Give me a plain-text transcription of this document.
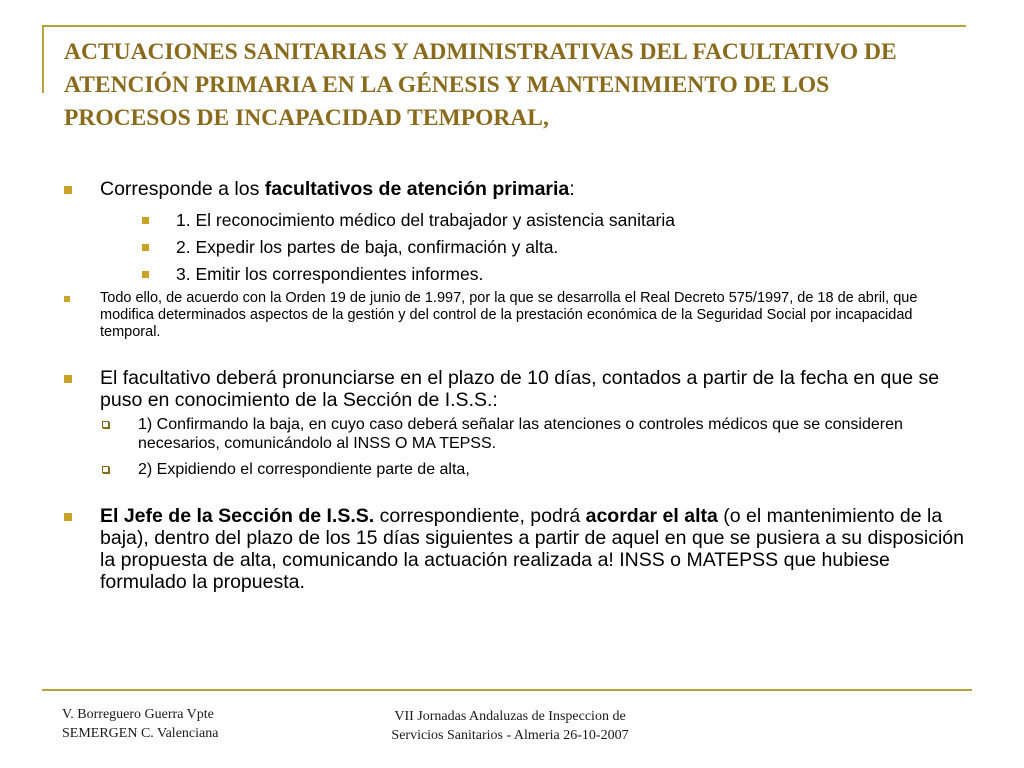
ACTUACIONES SANITARIAS Y ADMINISTRATIVAS DEL FACULTATIVO DE ATENCIÓN PRIMARIA EN LA GÉNESIS Y MANTENIMIENTO DE LOS PROCESOS DE INCAPACIDAD TEMPORAL,
Corresponde a los facultativos de atención primaria:
1. El reconocimiento médico del trabajador y asistencia sanitaria
2. Expedir los partes de baja, confirmación y alta.
3. Emitir los correspondientes informes.
Todo ello, de acuerdo con la Orden 19 de junio de 1.997, por la que se desarrolla el Real Decreto 575/1997, de 18 de abril, que modifica determinados aspectos de la gestión y del control de la prestación económica de la Seguridad Social por incapacidad temporal.
El facultativo deberá pronunciarse en el plazo de 10 días, contados a partir de la fecha en que se puso en conocimiento de la Sección de I.S.S.:
1) Confirmando la baja, en cuyo caso deberá señalar las atenciones o controles médicos que se consideren necesarios, comunicándolo al INSS O MA TEPSS.
2) Expidiendo el correspondiente parte de alta,
El Jefe de la Sección de I.S.S. correspondiente, podrá acordar el alta (o el mantenimiento de la baja), dentro del plazo de los 15 días siguientes a partir de aquel en que se pusiera a su disposición la propuesta de alta, comunicando la actuación realizada a! INSS o MATEPSS que hubiese formulado la propuesta.
V. Borreguero Guerra Vpte
SEMERGEN C. Valenciana
VII Jornadas Andaluzas de Inspeccion de
Servicios Sanitarios - Almeria 26-10-2007
